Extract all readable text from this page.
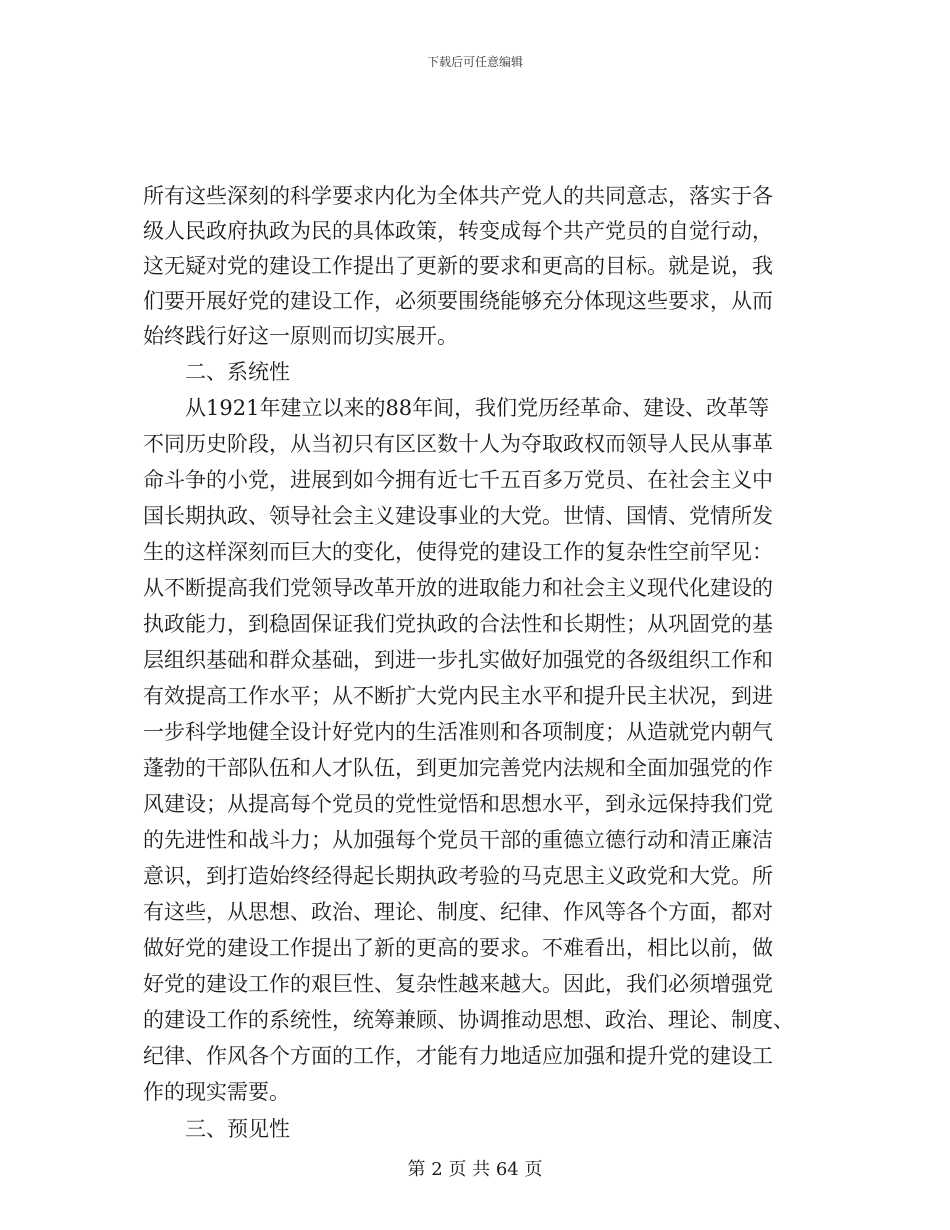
下载后可任意编辑
所有这些深刻的科学要求内化为全体共产党人的共同意志，落实于各
级人民政府执政为民的具体政策，转变成每个共产党员的自觉行动，
这无疑对党的建设工作提出了更新的要求和更高的目标。就是说，我
们要开展好党的建设工作，必须要围绕能够充分体现这些要求，从而
始终践行好这一原则而切实展开。
二、系统性
从1921年建立以来的88年间，我们党历经革命、建设、改革等
不同历史阶段，从当初只有区区数十人为夺取政权而领导人民从事革
命斗争的小党，进展到如今拥有近七千五百多万党员、在社会主义中
国长期执政、领导社会主义建设事业的大党。世情、国情、党情所发
生的这样深刻而巨大的变化，使得党的建设工作的复杂性空前罕见：
从不断提高我们党领导改革开放的进取能力和社会主义现代化建设的
执政能力，到稳固保证我们党执政的合法性和长期性；从巩固党的基
层组织基础和群众基础，到进一步扎实做好加强党的各级组织工作和
有效提高工作水平；从不断扩大党内民主水平和提升民主状况，到进
一步科学地健全设计好党内的生活准则和各项制度；从造就党内朝气
蓬勃的干部队伍和人才队伍，到更加完善党内法规和全面加强党的作
风建设；从提高每个党员的党性觉悟和思想水平，到永远保持我们党
的先进性和战斗力；从加强每个党员干部的重德立德行动和清正廉洁
意识，到打造始终经得起长期执政考验的马克思主义政党和大党。所
有这些，从思想、政治、理论、制度、纪律、作风等各个方面，都对
做好党的建设工作提出了新的更高的要求。不难看出，相比以前，做
好党的建设工作的艰巨性、复杂性越来越大。因此，我们必须增强党
的建设工作的系统性，统筹兼顾、协调推动思想、政治、理论、制度、
纪律、作风各个方面的工作，才能有力地适应加强和提升党的建设工
作的现实需要。
三、预见性
第 2 页 共 64 页
